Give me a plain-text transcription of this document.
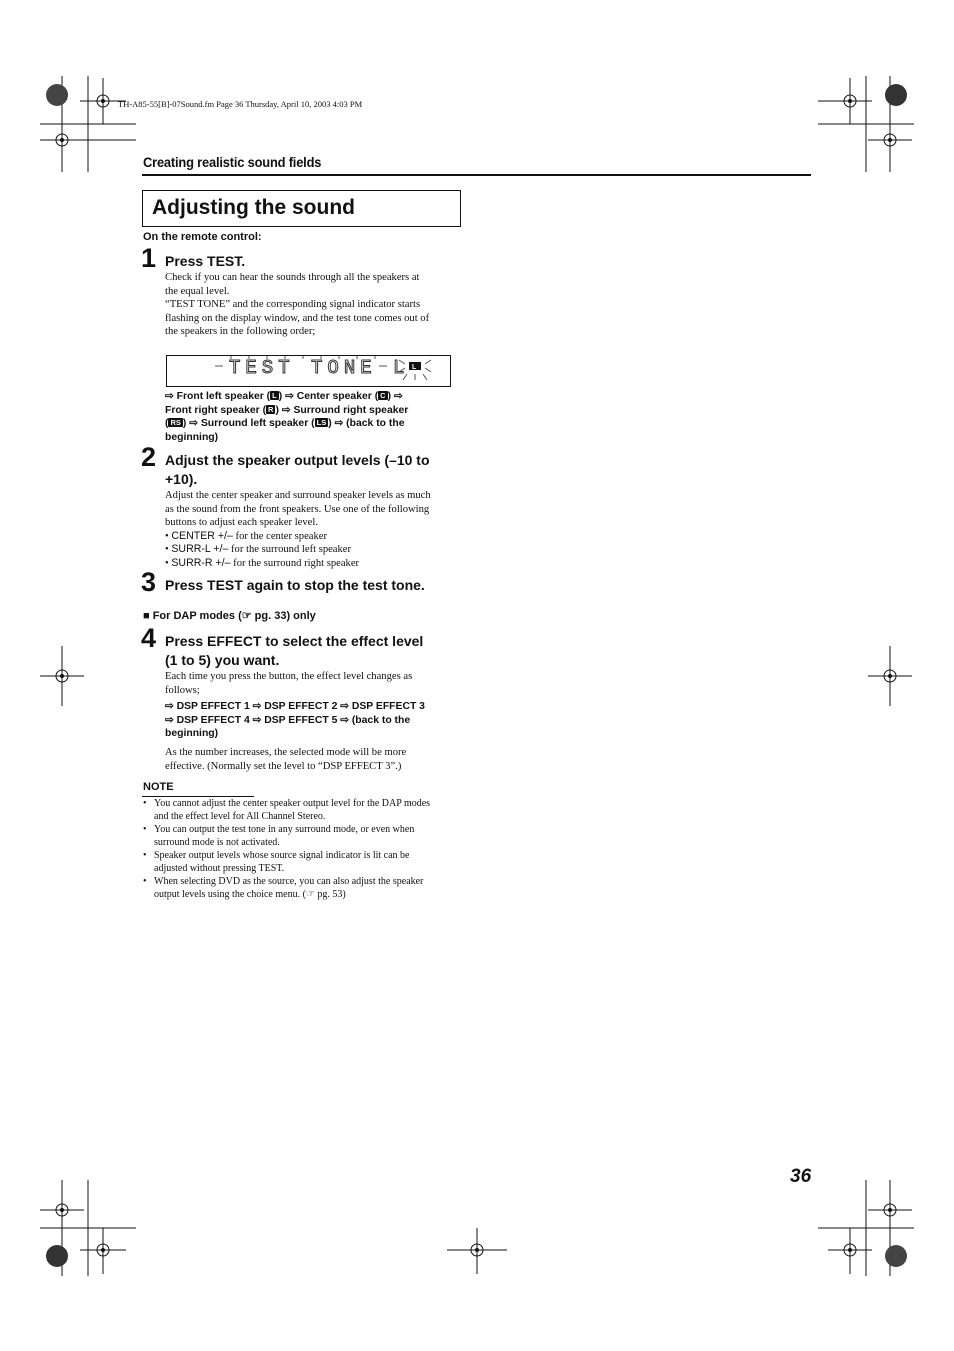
TH-A85-55[B]-07Sound.fm Page 36 Thursday, April 10, 2003 4:03 PM
Creating realistic sound fields
Adjusting the sound
On the remote control:
1 Press TEST.
Check if you can hear the sounds through all the speakers at
the equal level.
“TEST TONE” and the corresponding signal indicator starts
flashing on the display window, and the test tone comes out of
the speakers in the following order;
L
TEST TONE L
⇨ Front left speaker ( L ) ⇨ Center speaker ( C ) ⇨
Front right speaker ( R ) ⇨ Surround right speaker
( RS ) ⇨ Surround left speaker ( LS ) ⇨ (back to the
beginning)
2 Adjust the speaker output levels (–10 to
+10).
Adjust the center speaker and surround speaker levels as much
as the sound from the front speakers. Use one of the following
buttons to adjust each speaker level.
• CENTER +/– for the center speaker
• SURR-L +/– for the surround left speaker
• SURR-R +/– for the surround right speaker
3 Press TEST again to stop the test tone.
■ For DAP modes (☞ pg. 33) only
4 Press EFFECT to select the effect level
(1 to 5) you want.
Each time you press the button, the effect level changes as
follows;
⇨ DSP EFFECT 1 ⇨ DSP EFFECT 2 ⇨ DSP EFFECT 3
⇨ DSP EFFECT 4 ⇨ DSP EFFECT 5 ⇨ (back to the
beginning)
As the number increases, the selected mode will be more
effective. (Normally set the level to “DSP EFFECT 3”.)
NOTE
• You cannot adjust the center speaker output level for the DAP modes
and the effect level for All Channel Stereo.
• You can output the test tone in any surround mode, or even when
surround mode is not activated.
• Speaker output levels whose source signal indicator is lit can be
adjusted without pressing TEST.
• When selecting DVD as the source, you can also adjust the speaker
output levels using the choice menu. (☞ pg. 53)
36
